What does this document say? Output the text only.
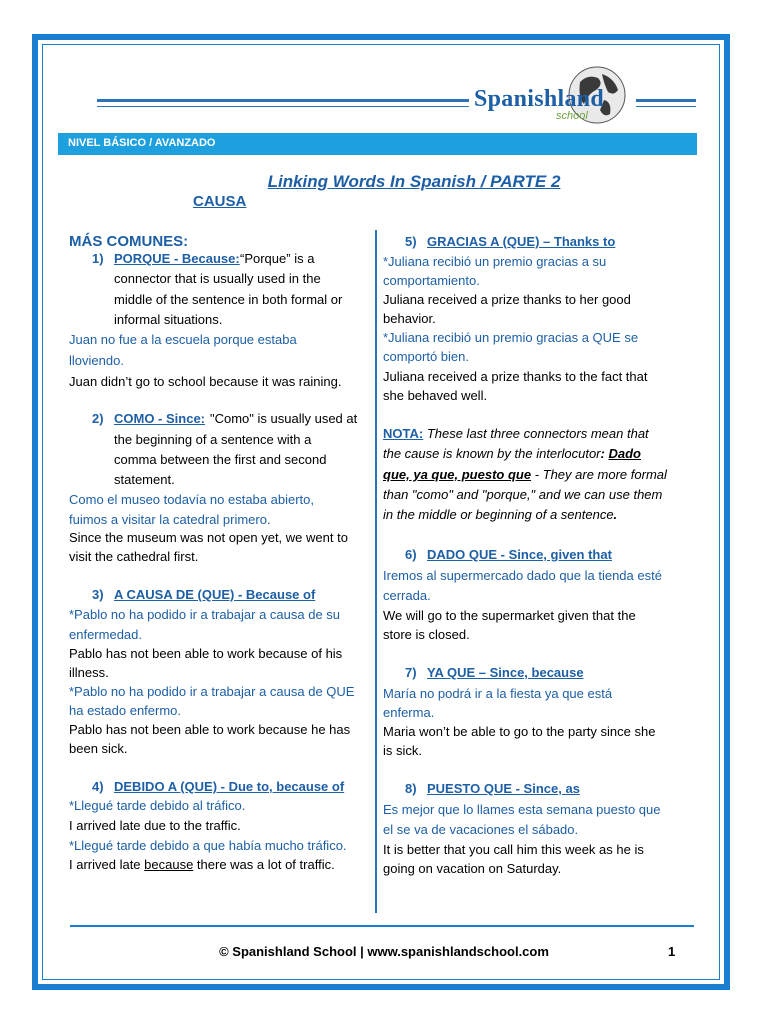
Spanishland
school
NIVEL BÁSICO / AVANZADO
Linking Words In Spanish / PARTE 2
CAUSA
MÁS COMUNES:
1) PORQUE - Because: “Porque” is a
connector that is usually used in the
middle of the sentence in both formal or
informal situations.
Juan no fue a la escuela porque estaba
lloviendo.
Juan didn’t go to school because it was raining.
2) COMO - Since: "Como" is usually used at
the beginning of a sentence with a
comma between the first and second
statement.
Como el museo todavía no estaba abierto,
fuimos a visitar la catedral primero.
Since the museum was not open yet, we went to
visit the cathedral first.
3) A CAUSA DE (QUE) - Because of
*Pablo no ha podido ir a trabajar a causa de su
enfermedad.
Pablo has not been able to work because of his
illness.
*Pablo no ha podido ir a trabajar a causa de QUE
ha estado enfermo.
Pablo has not been able to work because he has
been sick.
4) DEBIDO A (QUE) - Due to, because of
*Llegué tarde debido al tráfico.
I arrived late due to the traffic.
*Llegué tarde debido a que había mucho tráfico.
I arrived late because there was a lot of traffic.
5) GRACIAS A (QUE) – Thanks to
*Juliana recibió un premio gracias a su
comportamiento.
Juliana received a prize thanks to her good
behavior.
*Juliana recibió un premio gracias a QUE se
comportó bien.
Juliana received a prize thanks to the fact that
she behaved well.
NOTA: These last three connectors mean that
the cause is known by the interlocutor: Dado
que, ya que, puesto que - They are more formal
than "como" and "porque," and we can use them
in the middle or beginning of a sentence.
6) DADO QUE - Since, given that
Iremos al supermercado dado que la tienda esté
cerrada.
We will go to the supermarket given that the
store is closed.
7) YA QUE – Since, because
María no podrá ir a la fiesta ya que está
enferma.
Maria won’t be able to go to the party since she
is sick.
8) PUESTO QUE - Since, as
Es mejor que lo llames esta semana puesto que
el se va de vacaciones el sábado.
It is better that you call him this week as he is
going on vacation on Saturday.
© Spanishland School | www.spanishlandschool.com	1
